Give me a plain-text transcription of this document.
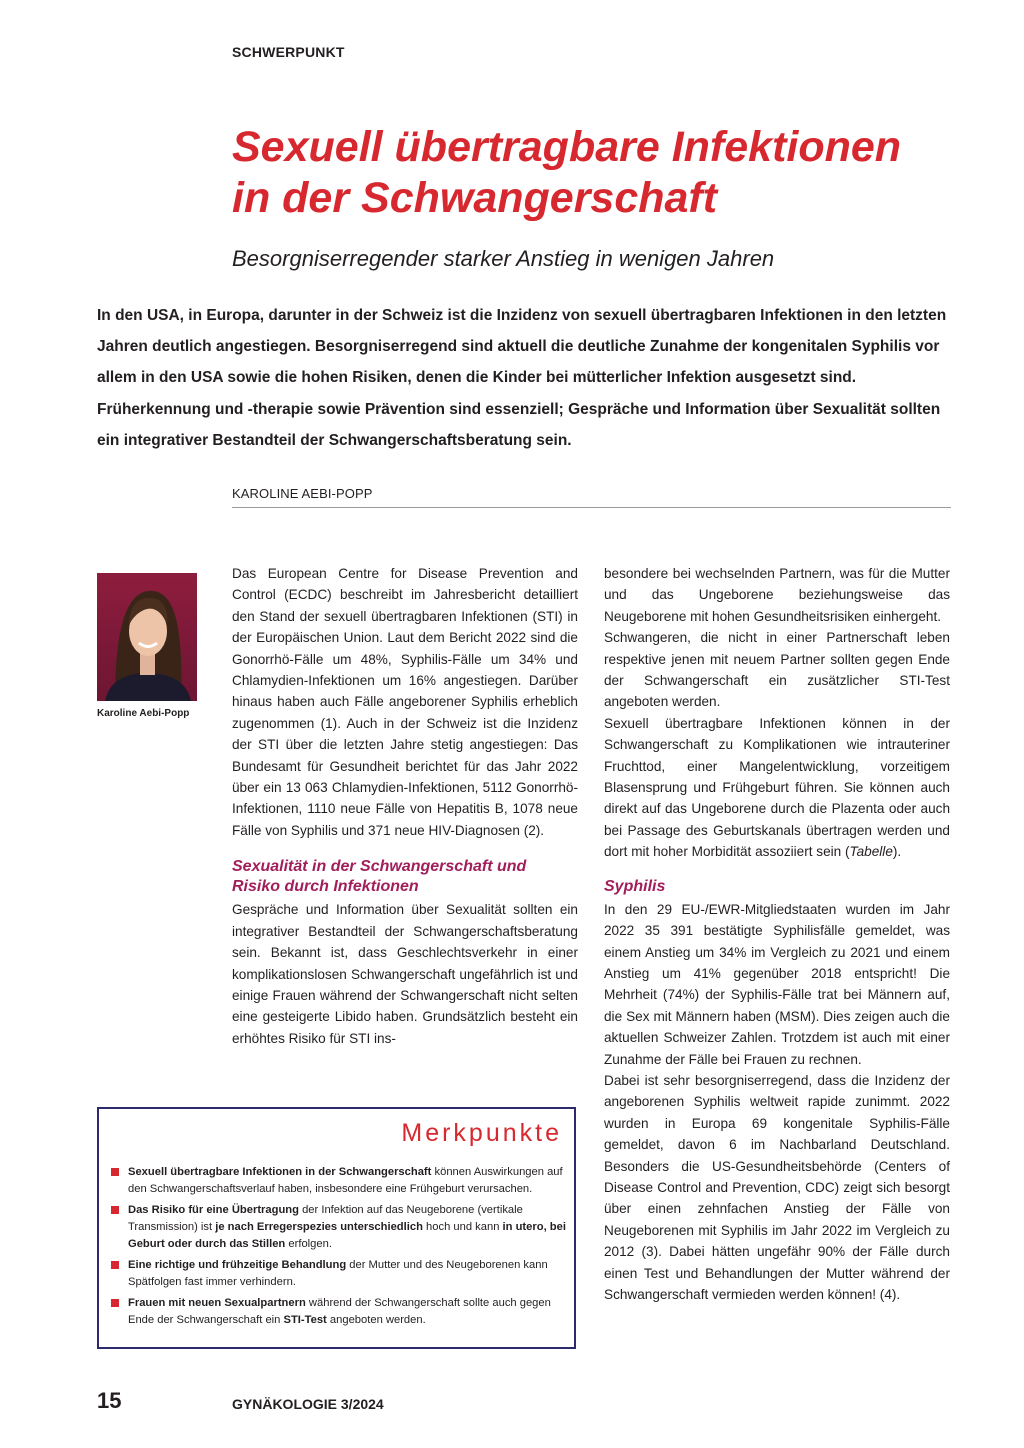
SCHWERPUNKT
Sexuell übertragbare Infektionen
in der Schwangerschaft
Besorgniserregender starker Anstieg in wenigen Jahren
In den USA, in Europa, darunter in der Schweiz ist die Inzidenz von sexuell übertragbaren Infektionen in den letzten Jahren deutlich angestiegen. Besorgniserregend sind aktuell die deutliche Zunahme der kongenitalen Syphilis vor allem in den USA sowie die hohen Risiken, denen die Kinder bei mütterlicher Infektion ausgesetzt sind. Früherkennung und -therapie sowie Prävention sind essenziell; Gespräche und Information über Sexualität sollten ein integrativer Bestandteil der Schwangerschaftsberatung sein.
KAROLINE AEBI-POPP
Karoline Aebi-Popp

Das European Centre for Disease Prevention and Control (ECDC) beschreibt im Jahresbericht detailliert den Stand der sexuell übertragbaren Infektionen (STI) in der Europäischen Union. Laut dem Bericht 2022 sind die Gonorrhö-Fälle um 48%, Syphilis-Fälle um 34% und Chlamydien-Infektionen um 16% angestiegen. Darüber hinaus haben auch Fälle angeborener Syphilis erheblich zugenommen (1). Auch in der Schweiz ist die Inzidenz der STI über die letzten Jahre stetig angestiegen: Das Bundesamt für Gesundheit berichtet für das Jahr 2022 über ein 13 063 Chlamydien-Infektionen, 5112 Gonorrhö-Infektionen, 1110 neue Fälle von Hepatitis B, 1078 neue Fälle von Syphilis und 371 neue HIV-Diagnosen (2).

Sexualität in der Schwangerschaft und Risiko durch Infektionen

Gespräche und Information über Sexualität sollten ein integrativer Bestandteil der Schwangerschaftsberatung sein. Bekannt ist, dass Geschlechtsverkehr in einer komplikationslosen Schwangerschaft ungefährlich ist und einige Frauen während der Schwangerschaft nicht selten eine gesteigerte Libido haben. Grundsätzlich besteht ein erhöhtes Risiko für STI ins-

besondere bei wechselnden Partnern, was für die Mutter und das Ungeborene beziehungsweise das Neugeborene mit hohen Gesundheitsrisiken einhergeht.

Schwangeren, die nicht in einer Partnerschaft leben respektive jenen mit neuem Partner sollten gegen Ende der Schwangerschaft ein zusätzlicher STI-Test angeboten werden.

Sexuell übertragbare Infektionen können in der Schwangerschaft zu Komplikationen wie intrauteriner Fruchttod, einer Mangelentwicklung, vorzeitigem Blasensprung und Frühgeburt führen. Sie können auch direkt auf das Ungeborene durch die Plazenta oder auch bei Passage des Geburtskanals übertragen werden und dort mit hoher Morbidität assoziiert sein (Tabelle).

Syphilis

In den 29 EU-/EWR-Mitgliedstaaten wurden im Jahr 2022 35 391 bestätigte Syphilisfälle gemeldet, was einem Anstieg um 34% im Vergleich zu 2021 und einem Anstieg um 41% gegenüber 2018 entspricht! Die Mehrheit (74%) der Syphilis-Fälle trat bei Männern auf, die Sex mit Männern haben (MSM). Dies zeigen auch die aktuellen Schweizer Zahlen. Trotzdem ist auch mit einer Zunahme der Fälle bei Frauen zu rechnen.

Dabei ist sehr besorgniserregend, dass die Inzidenz der angeborenen Syphilis weltweit rapide zunimmt. 2022 wurden in Europa 69 kongenitale Syphilis-Fälle gemeldet, davon 6 im Nachbarland Deutschland. Besonders die US-Gesundheitsbehörde (Centers of Disease Control and Prevention, CDC) zeigt sich besorgt über einen zehnfachen Anstieg der Fälle von Neugeborenen mit Syphilis im Jahr 2022 im Vergleich zu 2012 (3). Dabei hätten ungefähr 90% der Fälle durch einen Test und Behandlungen der Mutter während der Schwangerschaft vermieden werden können! (4).

Merkpunkte
Sexuell übertragbare Infektionen in der Schwangerschaft können Auswirkungen auf den Schwangerschaftsverlauf haben, insbesondere eine Frühgeburt verursachen.
Das Risiko für eine Übertragung der Infektion auf das Neugeborene (vertikale Transmission) ist je nach Erregerspezies unterschiedlich hoch und kann in utero, bei Geburt oder durch das Stillen erfolgen.
Eine richtige und frühzeitige Behandlung der Mutter und des Neugeborenen kann Spätfolgen fast immer verhindern.
Frauen mit neuen Sexualpartnern während der Schwangerschaft sollte auch gegen Ende der Schwangerschaft ein STI-Test angeboten werden.
15	GYNÄKOLOGIE 3/2024
